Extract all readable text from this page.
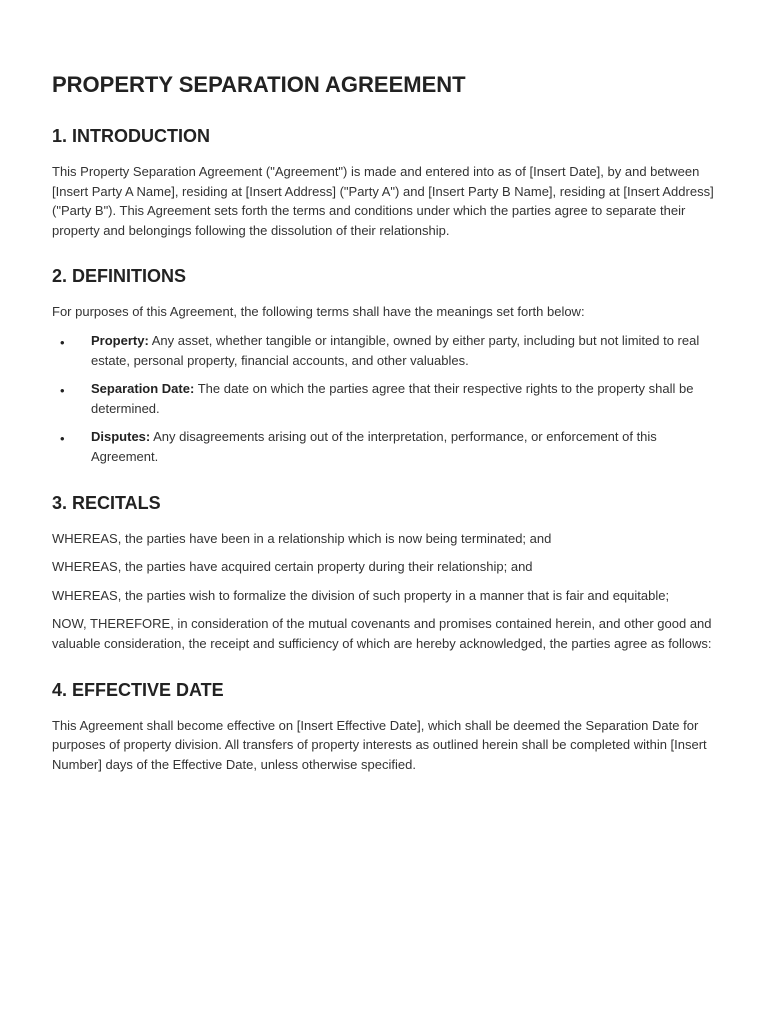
PROPERTY SEPARATION AGREEMENT
1. INTRODUCTION

This Property Separation Agreement ("Agreement") is made and entered into as of [Insert Date], by and between [Insert Party A Name], residing at [Insert Address] ("Party A") and [Insert Party B Name], residing at [Insert Address] ("Party B"). This Agreement sets forth the terms and conditions under which the parties agree to separate their property and belongings following the dissolution of their relationship.

2. DEFINITIONS

For purposes of this Agreement, the following terms shall have the meanings set forth below:

• Property: Any asset, whether tangible or intangible, owned by either party, including but not limited to real estate, personal property, financial accounts, and other valuables.
• Separation Date: The date on which the parties agree that their respective rights to the property shall be determined.
• Disputes: Any disagreements arising out of the interpretation, performance, or enforcement of this Agreement.
3. RECITALS

WHEREAS, the parties have been in a relationship which is now being terminated; and

WHEREAS, the parties have acquired certain property during their relationship; and

WHEREAS, the parties wish to formalize the division of such property in a manner that is fair and equitable;

NOW, THEREFORE, in consideration of the mutual covenants and promises contained herein, and other good and valuable consideration, the receipt and sufficiency of which are hereby acknowledged, the parties agree as follows:

4. EFFECTIVE DATE

This Agreement shall become effective on [Insert Effective Date], which shall be deemed the Separation Date for purposes of property division. All transfers of property interests as outlined herein shall be completed within [Insert Number] days of the Effective Date, unless otherwise specified.
